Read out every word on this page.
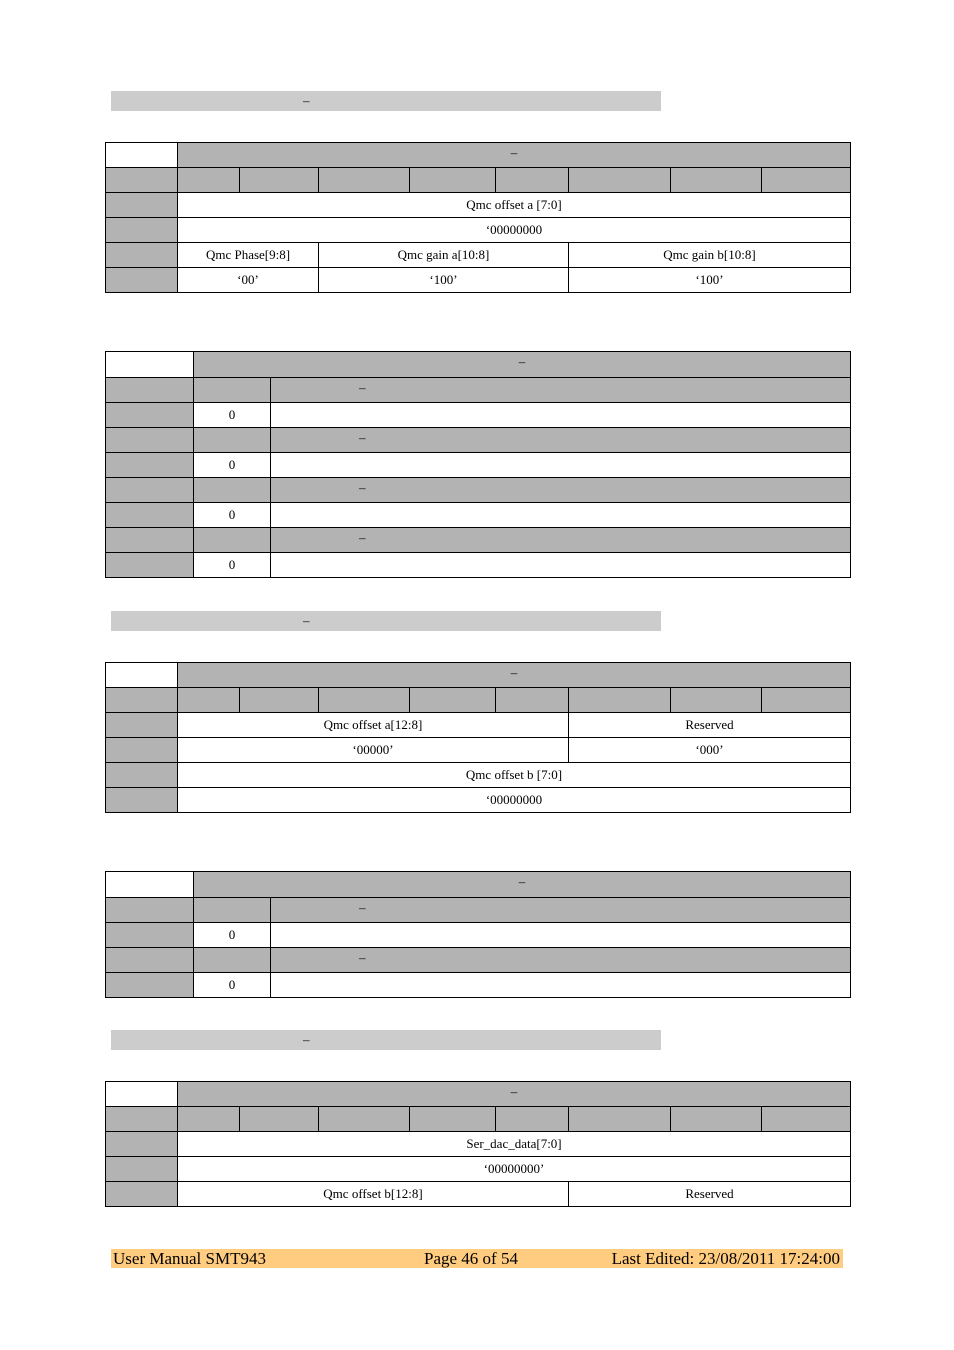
–

	–							

	Qmc offset a [7:0]							
	‘00000000							
	Qmc Phase[9:8]		Qmc gain a[10:8]			Qmc gain b[10:8]		
	‘00’		‘100’			‘100’		

	–	

		–

	0	

		–

	0	

		–

	0	

		–

	0	
–

	–							

	Qmc offset a[12:8]					Reserved		
	‘00000’					‘000’		
	Qmc offset b [7:0]							
	‘00000000							

	–	

		–

	0	

		–

	0	
–

	–							

	Ser_dac_data[7:0]							
	‘00000000’							
	Qmc offset b[12:8]					Reserved		
User Manual SMT943	Page 46 of 54	Last Edited: 23/08/2011 17:24:00
